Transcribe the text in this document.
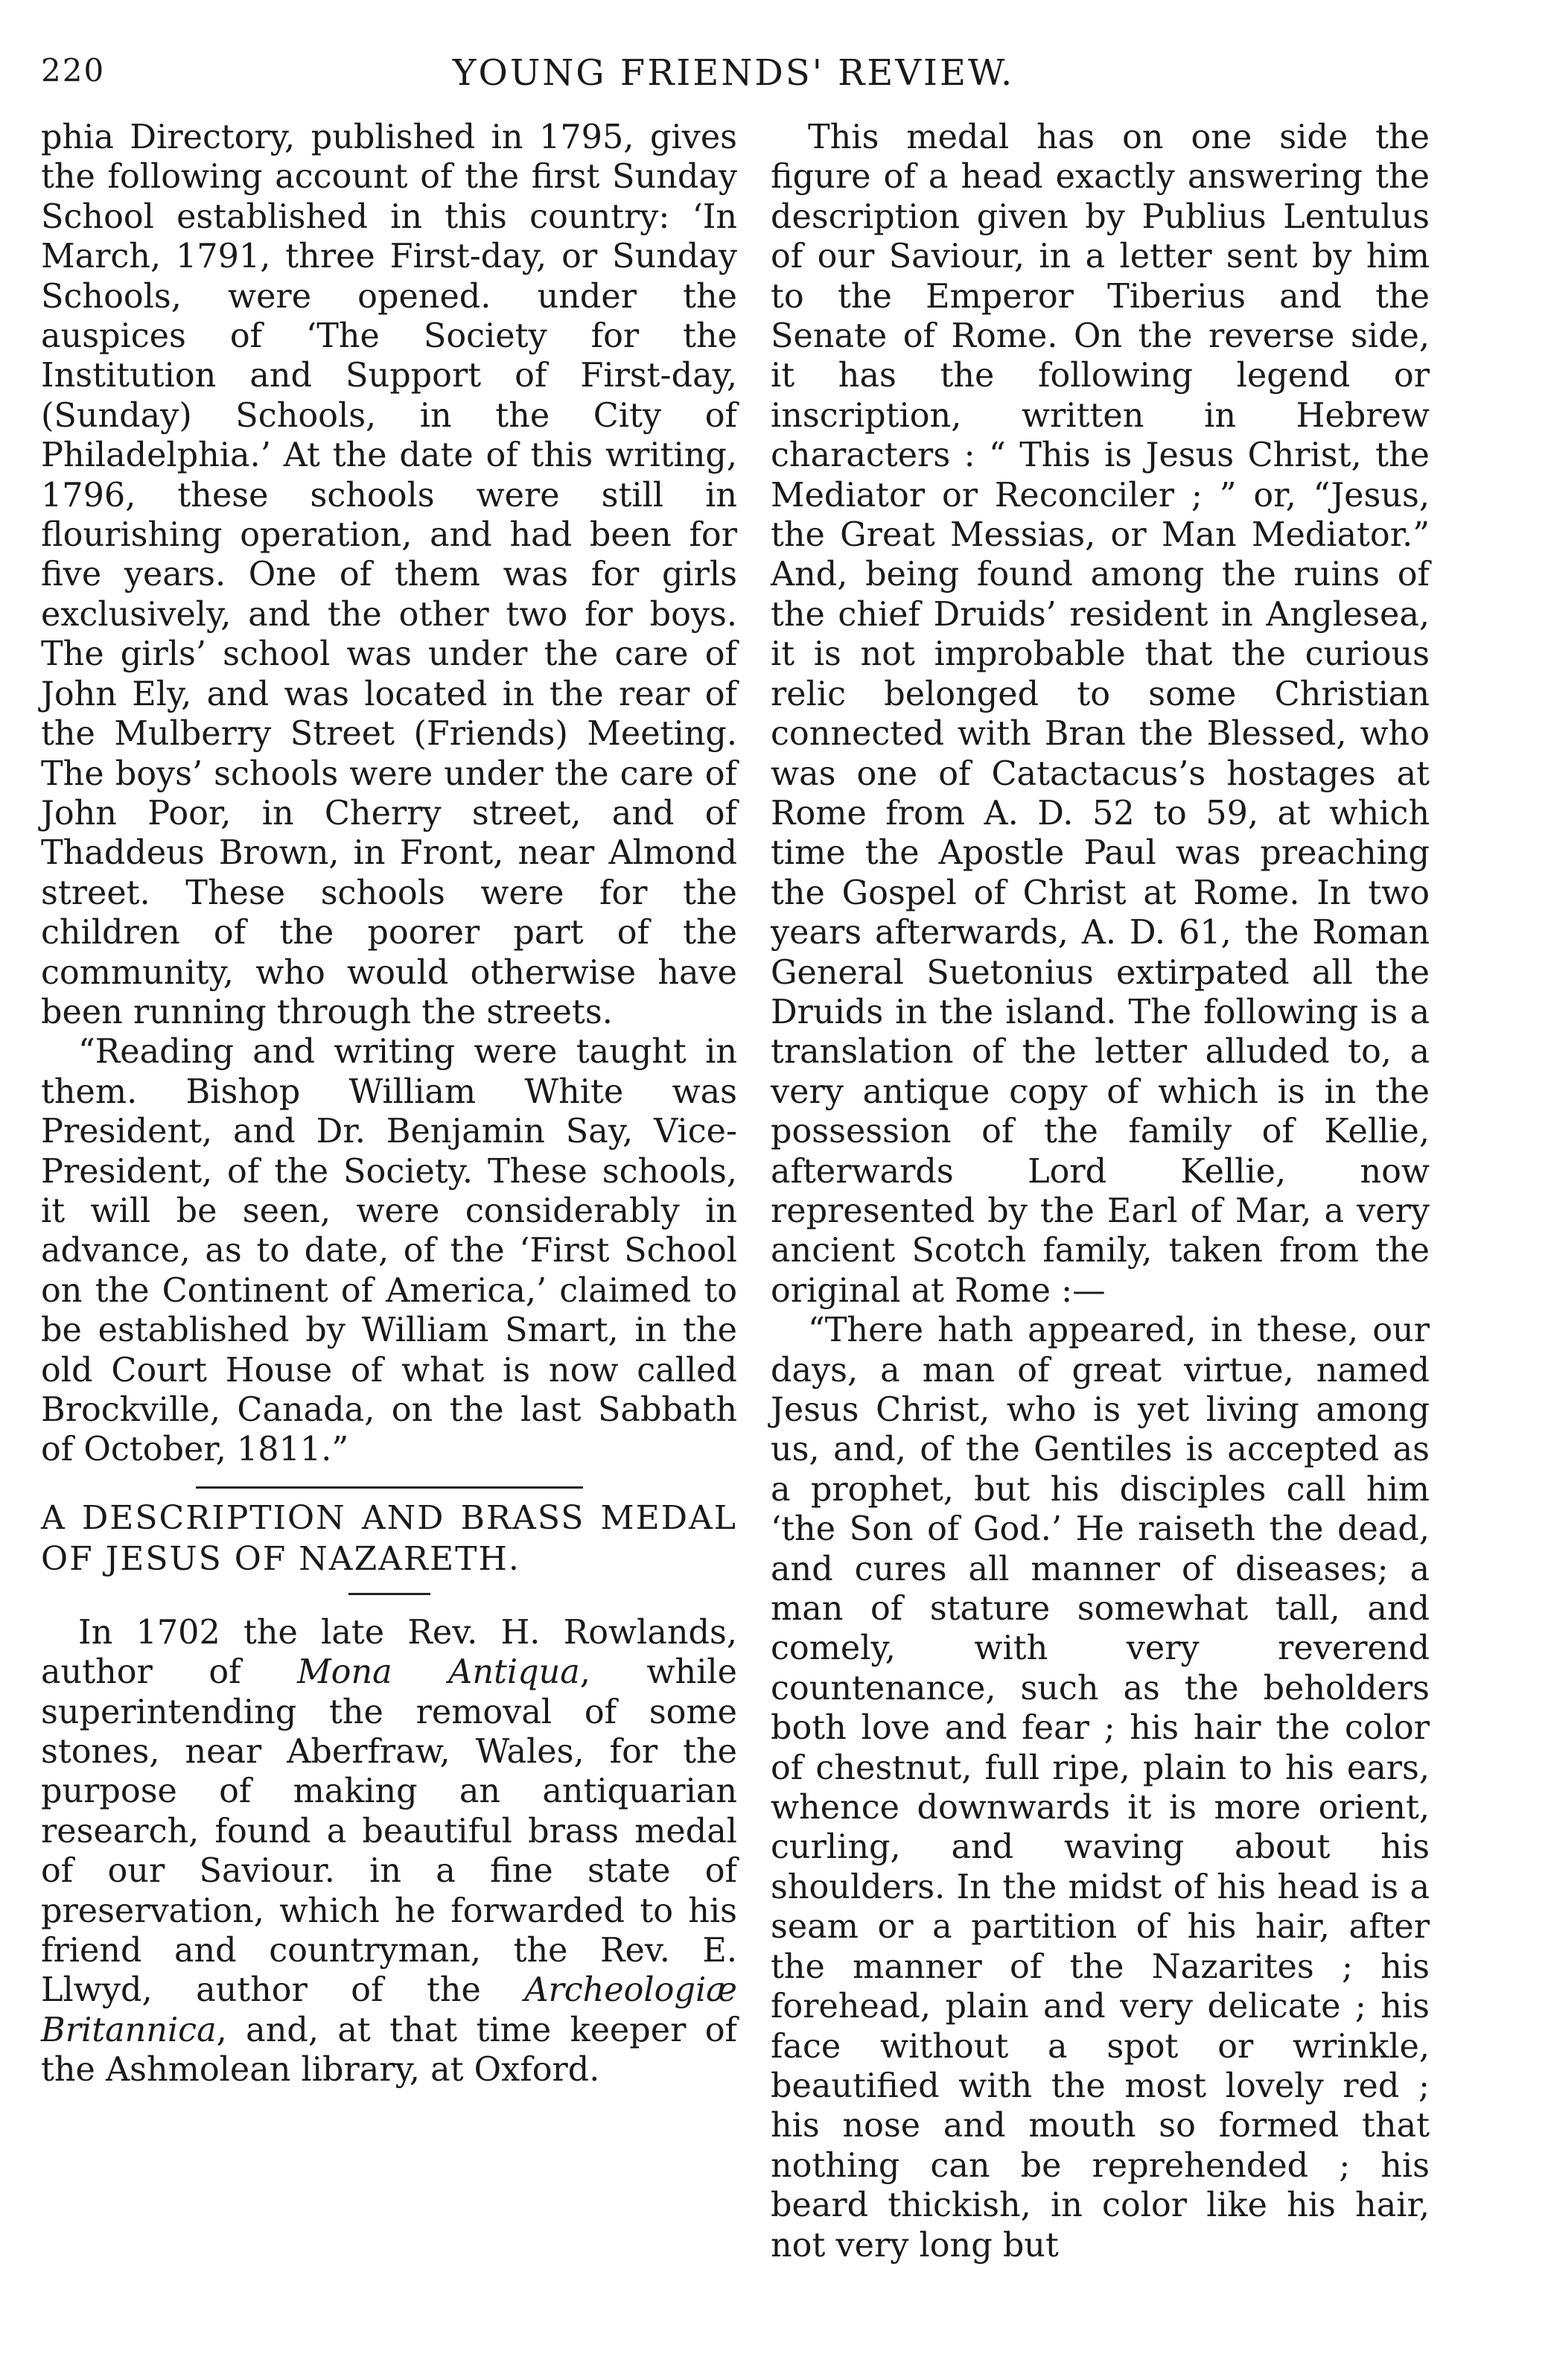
220	YOUNG FRIENDS' REVIEW.

phia Directory, published in 1795, gives the following account of the first Sunday School established in this country: ‘In March, 1791, three First-day, or Sunday Schools, were opened. under the auspices of ‘The Society for the Institution and Support of First-day, (Sunday) Schools, in the City of Philadelphia.’ At the date of this writing, 1796, these schools were still in flourishing operation, and had been for five years. One of them was for girls exclusively, and the other two for boys. The girls’ school was under the care of John Ely, and was located in the rear of the Mulberry Street (Friends) Meeting. The boys’ schools were under the care of John Poor, in Cherry street, and of Thaddeus Brown, in Front, near Almond street. These schools were for the children of the poorer part of the community, who would otherwise have been running through the streets.

“Reading and writing were taught in them. Bishop William White was President, and Dr. Benjamin Say, Vice-President, of the Society. These schools, it will be seen, were considerably in advance, as to date, of the ‘First School on the Continent of America,’ claimed to be established by William Smart, in the old Court House of what is now called Brockville, Canada, on the last Sabbath of October, 1811.”

A DESCRIPTION AND BRASS MEDAL OF JESUS OF NAZARETH.

In 1702 the late Rev. H. Rowlands, author of Mona Antiqua, while superintending the removal of some stones, near Aberfraw, Wales, for the purpose of making an antiquarian research, found a beautiful brass medal of our Saviour. in a fine state of preservation, which he forwarded to his friend and countryman, the Rev. E. Llwyd, author of the Archeologiæ Britannica, and, at that time keeper of the Ashmolean library, at Oxford.

This medal has on one side the figure of a head exactly answering the description given by Publius Lentulus of our Saviour, in a letter sent by him to the Emperor Tiberius and the Senate of Rome. On the reverse side, it has the following legend or inscription, written in Hebrew characters : “ This is Jesus Christ, the Mediator or Reconciler ; ” or, “Jesus, the Great Messias, or Man Mediator.” And, being found among the ruins of the chief Druids’ resident in Anglesea, it is not improbable that the curious relic belonged to some Christian connected with Bran the Blessed, who was one of Catactacus’s hostages at Rome from A. D. 52 to 59, at which time the Apostle Paul was preaching the Gospel of Christ at Rome. In two years afterwards, A. D. 61, the Roman General Suetonius extirpated all the Druids in the island. The following is a translation of the letter alluded to, a very antique copy of which is in the possession of the family of Kellie, afterwards Lord Kellie, now represented by the Earl of Mar, a very ancient Scotch family, taken from the original at Rome :—

“There hath appeared, in these, our days, a man of great virtue, named Jesus Christ, who is yet living among us, and, of the Gentiles is accepted as a prophet, but his disciples call him ‘the Son of God.’ He raiseth the dead, and cures all manner of diseases; a man of stature somewhat tall, and comely, with very reverend countenance, such as the beholders both love and fear ; his hair the color of chestnut, full ripe, plain to his ears, whence downwards it is more orient, curling, and waving about his shoulders. In the midst of his head is a seam or a partition of his hair, after the manner of the Nazarites ; his forehead, plain and very delicate ; his face without a spot or wrinkle, beautified with the most lovely red ; his nose and mouth so formed that nothing can be reprehended ; his beard thickish, in color like his hair, not very long but
